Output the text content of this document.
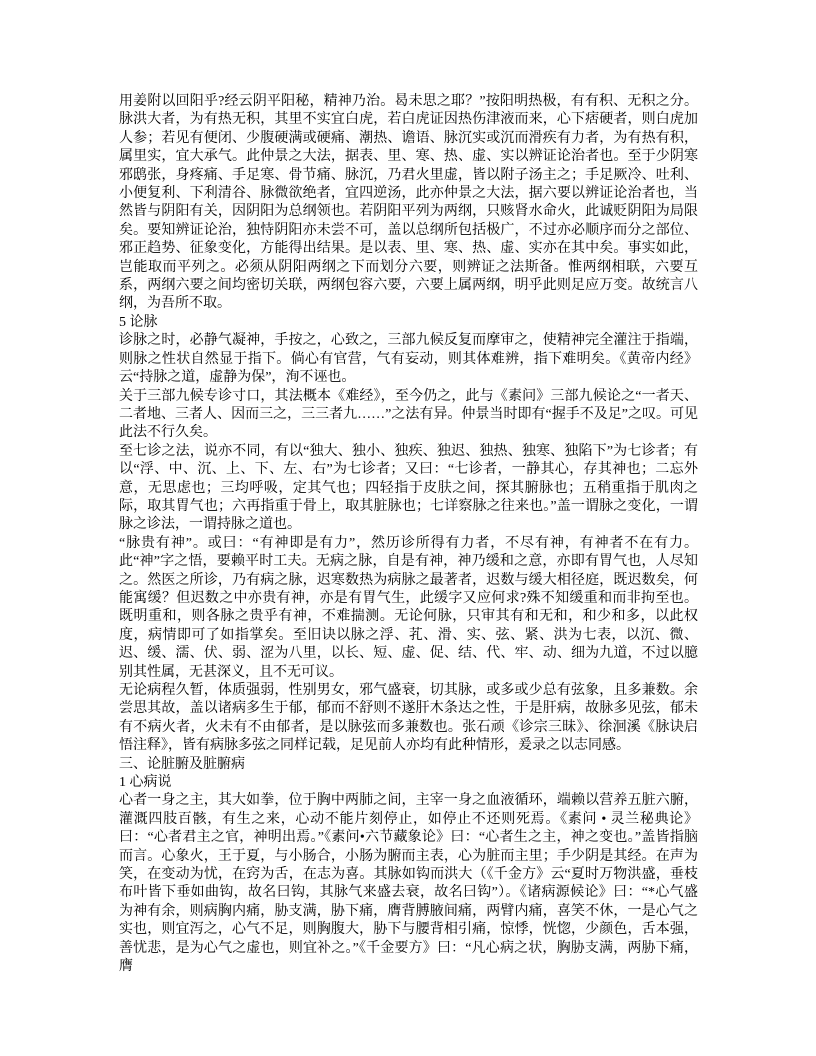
用姜附以回阳乎?经云阴平阳秘，精神乃治。曷未思之耶？”按阳明热极，有有积、无积之分。脉洪大者，为有热无积，其里不实宜白虎，若白虎证因热伤津液而来，心下痞硬者，则白虎加人参；若见有便闭、少腹硬满或硬痛、潮热、谵语、脉沉实或沉而滑疾有力者，为有热有积，属里实，宜大承气。此仲景之大法，据表、里、寒、热、虚、实以辨证论治者也。至于少阴寒邪鸱张，身疼痛、手足寒、骨节痛、脉沉，乃君火里虚，皆以附子汤主之；手足厥冷、吐利、小便复利、下利清谷、脉微欲绝者，宜四逆汤，此亦仲景之大法，据六要以辨证论治者也，当然皆与阴阳有关，因阴阳为总纲领也。若阴阳平列为两纲，只赅肾水命火，此诚贬阴阳为局限矣。要知辨证论治，独恃阴阳亦未尝不可，盖以总纲所包括极广，不过亦必顺序而分之部位、邪正趋势、征象变化，方能得出结果。是以表、里、寒、热、虚、实亦在其中矣。事实如此，岂能取而平列之。必须从阴阳两纲之下而划分六要，则辨证之法斯备。惟两纲相联，六要互系，两纲六要之间均密切关联，两纲包容六要，六要上属两纲，明乎此则足应万变。故统言八纲，为吾所不取。

5 论脉

诊脉之时，必静气凝神，手按之，心致之，三部九候反复而摩审之，使精神完全灌注于指端，则脉之性状自然显于指下。倘心有官营，气有妄动，则其体难辨，指下难明矣。《黄帝内经》云“持脉之道，虚静为保”，洵不诬也。

关于三部九候专诊寸口，其法概本《难经》，至今仍之，此与《素问》三部九候论之“一者天、二者地、三者人、因而三之，三三者九……”之法有异。仲景当时即有“握手不及足”之叹。可见此法不行久矣。

至七诊之法，说亦不同，有以“独大、独小、独疾、独迟、独热、独寒、独陷下”为七诊者；有以“浮、中、沉、上、下、左、右”为七诊者；又曰：“七诊者，一静其心，存其神也；二忘外意，无思虑也；三均呼吸，定其气也；四轻指于皮肤之间，探其腑脉也；五稍重指于肌肉之际，取其胃气也；六再指重于骨上，取其脏脉也；七详察脉之往来也。”盖一谓脉之变化，一谓脉之诊法，一谓持脉之道也。

“脉贵有神”。或曰：“有神即是有力”，然历诊所得有力者，不尽有神，有神者不在有力。此“神”字之悟，要赖平时工夫。无病之脉，自是有神，神乃缓和之意，亦即有胃气也，人尽知之。然医之所诊，乃有病之脉，迟寒数热为病脉之最著者，迟数与缓大相径庭，既迟数矣，何能寓缓？但迟数之中亦贵有神，亦是有胃气生，此缓字又应何求?殊不知缓重和而非拘至也。既明重和，则各脉之贵乎有神，不难揣测。无论何脉，只审其有和无和，和少和多，以此权度，病情即可了如指掌矣。至旧诀以脉之浮、芤、滑、实、弦、紧、洪为七表，以沉、微、迟、缓、濡、伏、弱、涩为八里，以长、短、虚、促、结、代、牢、动、细为九道，不过以臆别其性属，无甚深义，且不无可议。

无论病程久暂，体质强弱，性别男女，邪气盛衰，切其脉，或多或少总有弦象，且多兼数。余尝思其故，盖以诸病多生于郁，郁而不舒则不遂肝木条达之性，于是肝病，故脉多见弦，郁未有不病火者，火未有不由郁者，是以脉弦而多兼数也。张石顽《诊宗三昧》、徐洄溪《脉诀启悟注释》，皆有病脉多弦之同样记载，足见前人亦均有此种情形，爰录之以志同感。

三、论脏腑及脏腑病

1 心病说

心者一身之主，其大如拳，位于胸中两肺之间，主宰一身之血液循环，端赖以营养五脏六腑，灌溉四肢百骸，有生之来，心动不能片刻停止，如停止不还则死焉。《素问 • 灵兰秘典论》曰：“心者君主之官，神明出焉。”《素问•六节藏象论》曰：“心者生之主，神之变也。”盖皆指脑而言。心象火，王于夏，与小肠合，小肠为腑而主表，心为脏而主里；手少阴是其经。在声为笑，在变动为忧，在窍为舌，在志为喜。其脉如钩而洪大（《千金方》云“夏时万物洪盛，垂枝布叶皆下垂如曲钩，故名曰钩，其脉气来盛去衰，故名曰钩”）。《诸病源候论》曰：“*心气盛为神有余，则病胸内痛，胁支满，胁下痛，膺背膊腋间痛，两臂内痛，喜笑不休，一是心气之实也，则宜泻之，心气不足，则胸腹大，胁下与腰背相引痛，惊悸，恍惚，少颜色，舌本强，善忧悲，是为心气之虚也，则宜补之。”《千金要方》曰：“凡心病之状，胸胁支满，两胁下痛，膺
